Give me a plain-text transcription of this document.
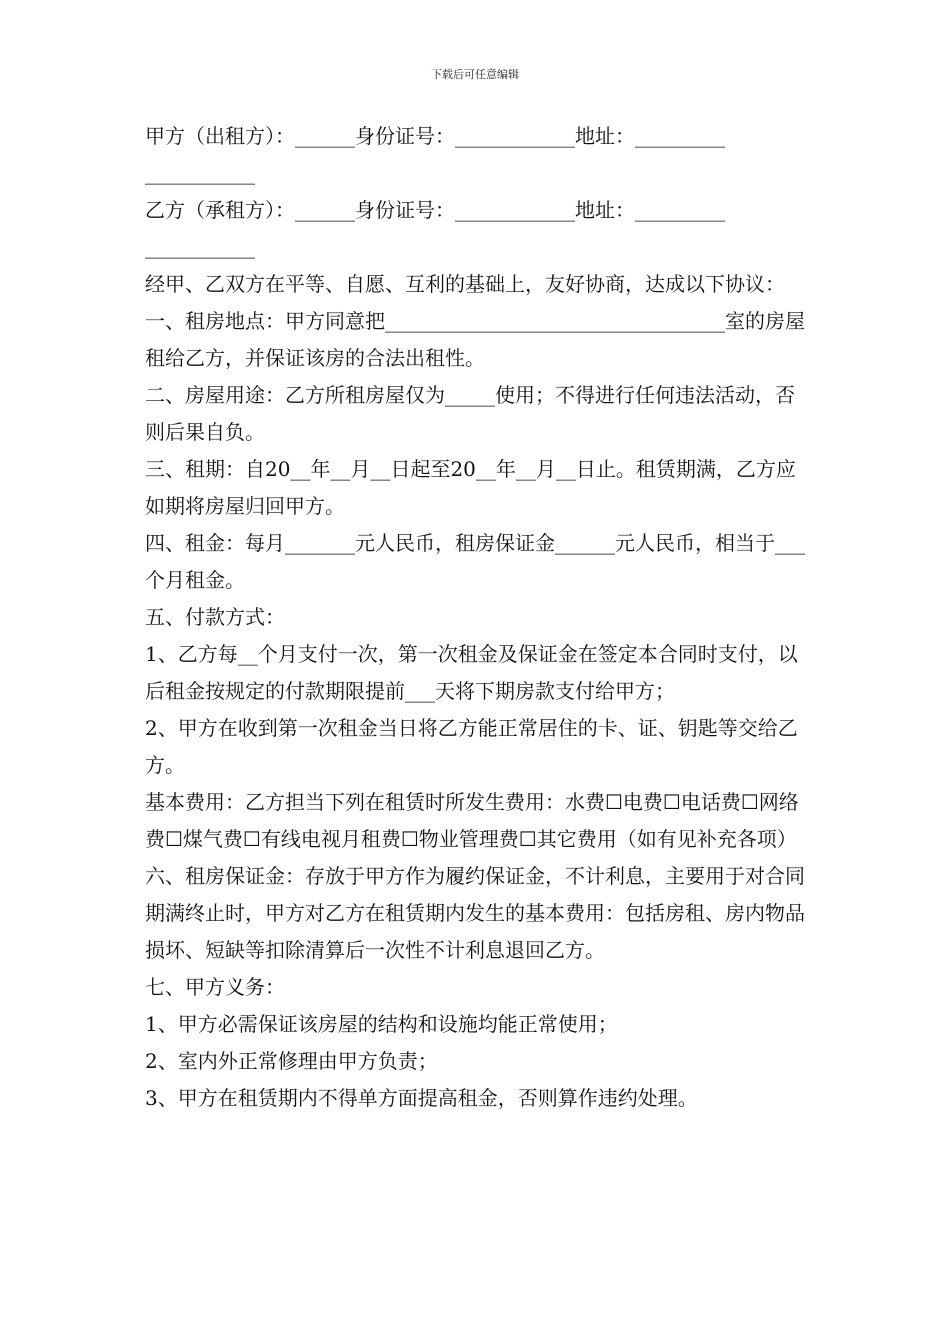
下载后可任意编辑

甲方（出租方）：______身份证号：____________地址：_________

___________

乙方（承租方）：______身份证号：____________地址：_________

___________

经甲、乙双方在平等、自愿、互利的基础上，友好协商，达成以下协议：

一、租房地点：甲方同意把__________________________________室的房屋租给乙方，并保证该房的合法出租性。

二、房屋用途：乙方所租房屋仅为_____使用；不得进行任何违法活动，否则后果自负。

三、租期：自20__年__月__日起至20__年__月__日止。租赁期满，乙方应如期将房屋归回甲方。

四、租金：每月_______元人民币，租房保证金______元人民币，相当于___个月租金。

五、付款方式：

1、乙方每__个月支付一次，第一次租金及保证金在签定本合同时支付，以后租金按规定的付款期限提前___天将下期房款支付给甲方；

2、甲方在收到第一次租金当日将乙方能正常居住的卡、证、钥匙等交给乙方。

基本费用：乙方担当下列在租赁时所发生费用：水费☐电费☐电话费☐网络费☐煤气费☐有线电视月租费☐物业管理费☐其它费用（如有见补充各项）

六、租房保证金：存放于甲方作为履约保证金，不计利息，主要用于对合同期满终止时，甲方对乙方在租赁期内发生的基本费用：包括房租、房内物品损坏、短缺等扣除清算后一次性不计利息退回乙方。

七、甲方义务：

1、甲方必需保证该房屋的结构和设施均能正常使用；

2、室内外正常修理由甲方负责；

3、甲方在租赁期内不得单方面提高租金，否则算作违约处理。
